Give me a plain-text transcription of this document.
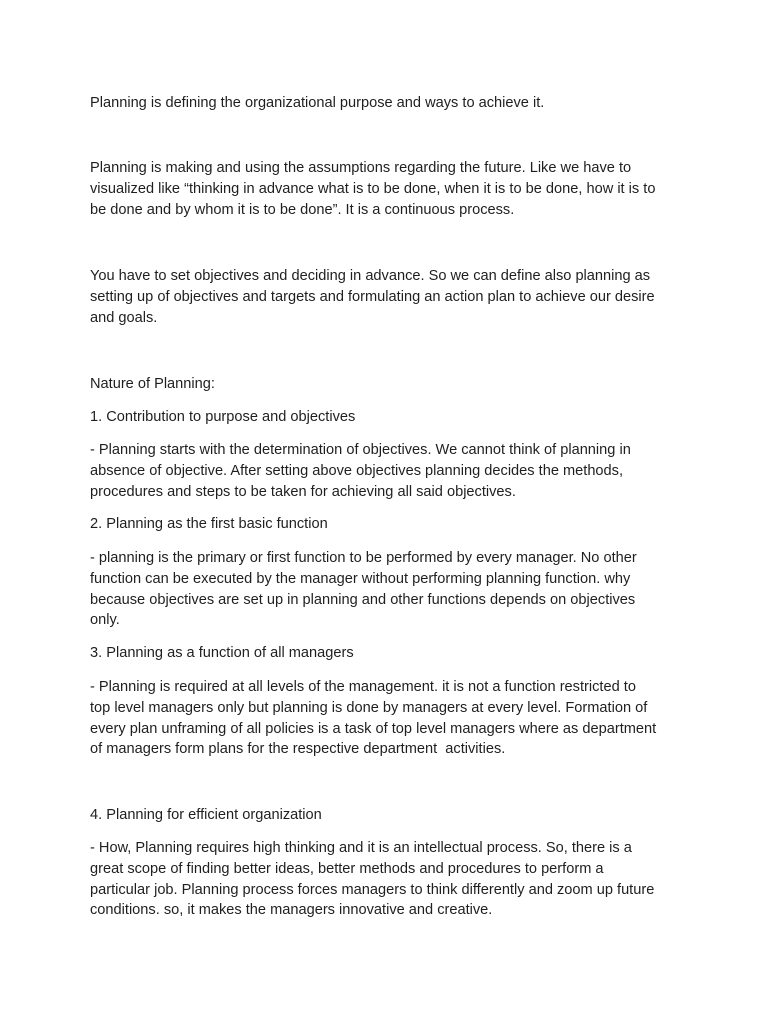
Planning is defining the organizational purpose and ways to achieve it.

Planning is making and using the assumptions regarding the future. Like we have to
visualized like “thinking in advance what is to be done, when it is to be done, how it is to
be done and by whom it is to be done”. It is a continuous process.

You have to set objectives and deciding in advance. So we can define also planning as
setting up of objectives and targets and formulating an action plan to achieve our desire
and goals.

Nature of Planning:

1. Contribution to purpose and objectives

- Planning starts with the determination of objectives. We cannot think of planning in
absence of objective. After setting above objectives planning decides the methods,
procedures and steps to be taken for achieving all said objectives.

2. Planning as the first basic function

- planning is the primary or first function to be performed by every manager. No other
function can be executed by the manager without performing planning function. why
because objectives are set up in planning and other functions depends on objectives
only.

3. Planning as a function of all managers

- Planning is required at all levels of the management. it is not a function restricted to
top level managers only but planning is done by managers at every level. Formation of
every plan unframing of all policies is a task of top level managers where as department
of managers form plans for the respective department  activities.

4. Planning for efficient organization

- How, Planning requires high thinking and it is an intellectual process. So, there is a
great scope of finding better ideas, better methods and procedures to perform a
particular job. Planning process forces managers to think differently and zoom up future
conditions. so, it makes the managers innovative and creative.
